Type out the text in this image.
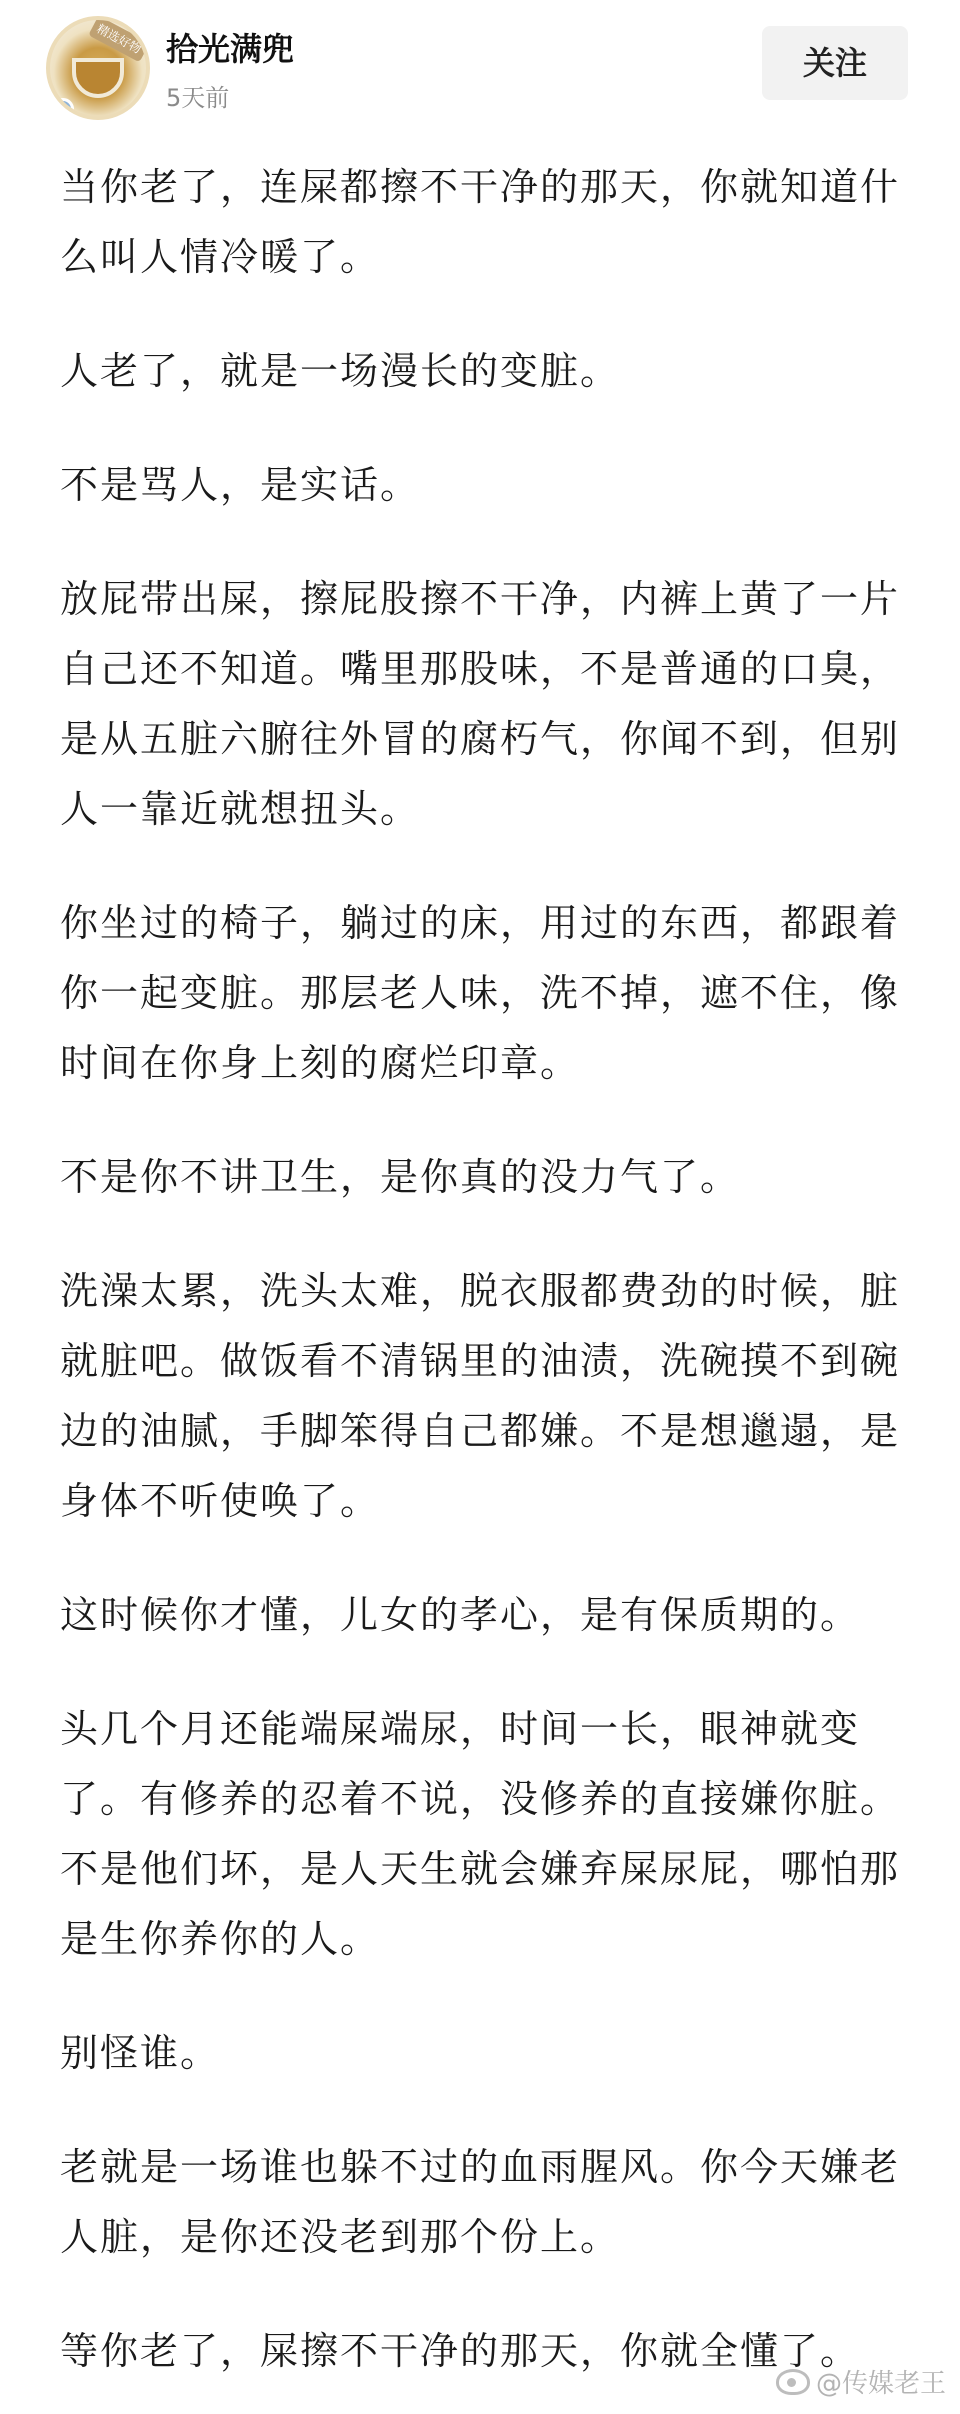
精选好物 拾光满兜
5天前
关注

当你老了，连屎都擦不干净的那天，你就知道什么叫人情冷暖了。

人老了，就是一场漫长的变脏。

不是骂人，是实话。

放屁带出屎，擦屁股擦不干净，内裤上黄了一片自己还不知道。嘴里那股味，不是普通的口臭，是从五脏六腑往外冒的腐朽气，你闻不到，但别人一靠近就想扭头。

你坐过的椅子，躺过的床，用过的东西，都跟着你一起变脏。那层老人味，洗不掉，遮不住，像时间在你身上刻的腐烂印章。

不是你不讲卫生，是你真的没力气了。

洗澡太累，洗头太难，脱衣服都费劲的时候，脏就脏吧。做饭看不清锅里的油渍，洗碗摸不到碗边的油腻，手脚笨得自己都嫌。不是想邋遢，是身体不听使唤了。

这时候你才懂，儿女的孝心，是有保质期的。

头几个月还能端屎端尿，时间一长，眼神就变了。有修养的忍着不说，没修养的直接嫌你脏。不是他们坏，是人天生就会嫌弃屎尿屁，哪怕那是生你养你的人。

别怪谁。

老就是一场谁也躲不过的血雨腥风。你今天嫌老人脏，是你还没老到那个份上。

等你老了，屎擦不干净的那天，你就全懂了。

@传媒老王
